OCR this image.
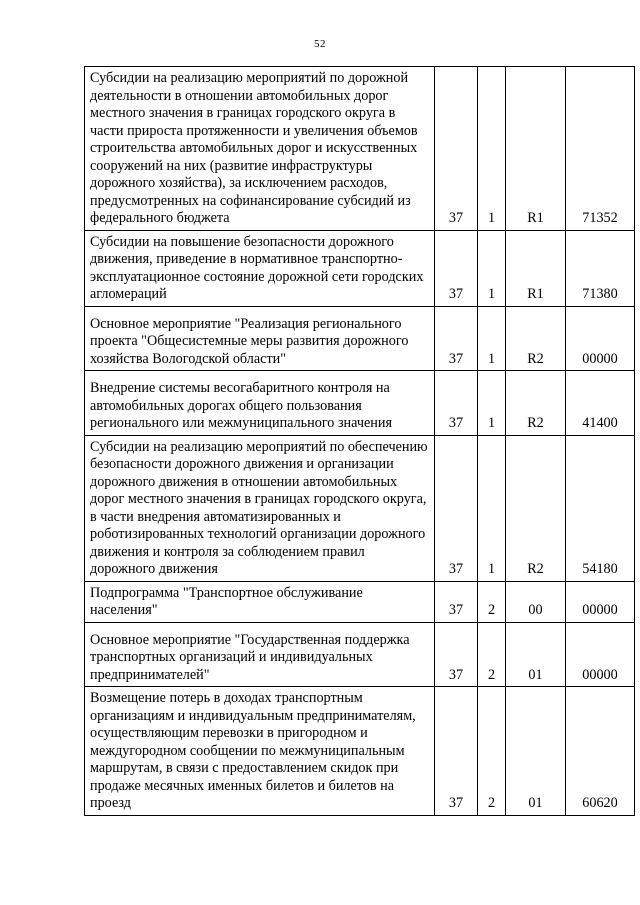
52
Субсидии на реализацию мероприятий по дорожной деятельности в отношении автомобильных дорог местного значения в границах городского округа в части прироста протяженности и увеличения объемов строительства автомобильных дорог и искусственных сооружений на них (развитие инфраструктуры дорожного хозяйства), за исключением расходов, предусмотренных на софинансирование субсидий из федерального бюджета	37	1	R1	71352
Субсидии на повышение безопасности дорожного движения, приведение в нормативное транспортно-эксплуатационное состояние дорожной сети городских агломераций	37	1	R1	71380
Основное мероприятие "Реализация регионального проекта "Общесистемные меры развития дорожного хозяйства Вологодской области"	37	1	R2	00000
Внедрение системы весогабаритного контроля на автомобильных дорогах общего пользования регионального или межмуниципального значения	37	1	R2	41400
Субсидии на реализацию мероприятий по обеспечению безопасности дорожного движения и организации дорожного движения в отношении автомобильных дорог местного значения в границах городского округа, в части внедрения автоматизированных и роботизированных технологий организации дорожного движения и контроля за соблюдением правил дорожного движения	37	1	R2	54180
Подпрограмма "Транспортное обслуживание населения"	37	2	00	00000
Основное мероприятие "Государственная поддержка транспортных организаций и индивидуальных предпринимателей"	37	2	01	00000
Возмещение потерь в доходах транспортным организациям и индивидуальным предпринимателям, осуществляющим перевозки в пригородном и междугородном сообщении по межмуниципальным маршрутам, в связи с предоставлением скидок при продаже месячных именных билетов и билетов на проезд	37	2	01	60620
